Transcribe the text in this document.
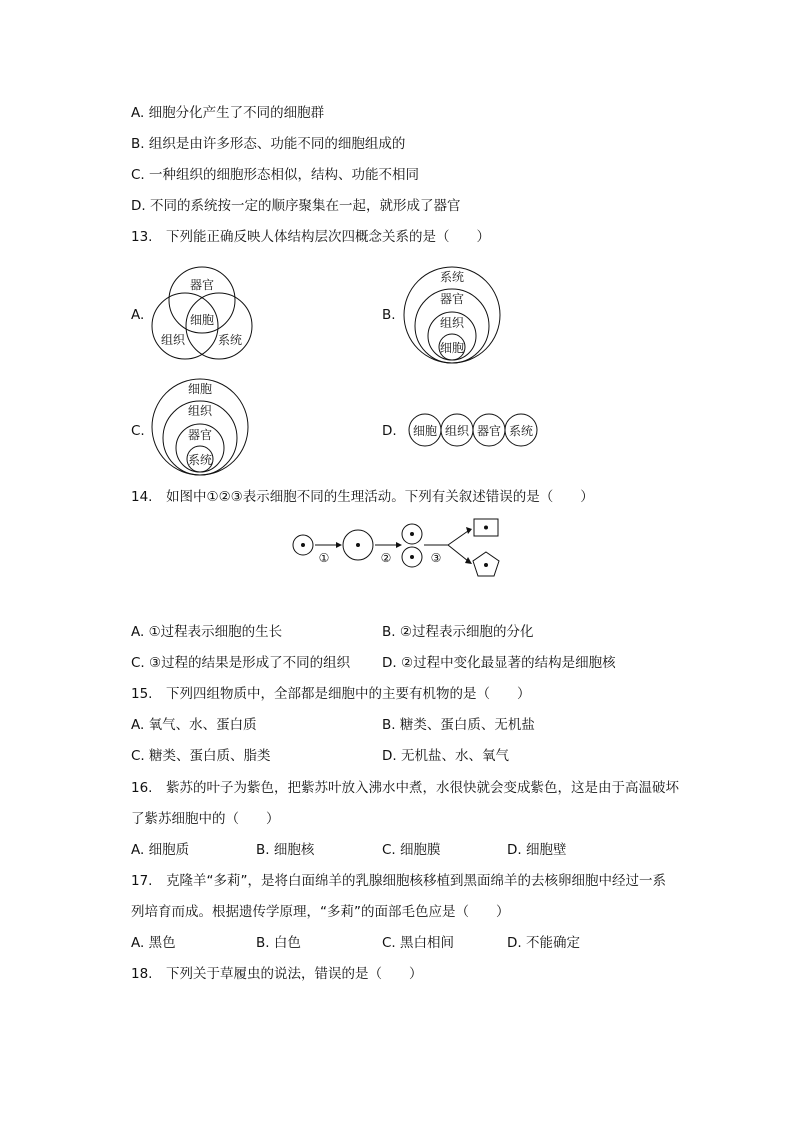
A. 细胞分化产生了不同的细胞群
B. 组织是由许多形态、功能不同的细胞组成的
C. 一种组织的细胞形态相似，结构、功能不相同
D. 不同的系统按一定的顺序聚集在一起，就形成了器官
13.　下列能正确反映人体结构层次四概念关系的是（　　）
A.
器官
细胞
组织	系统
B.
系统
器官
组织
细胞
C.
细胞
组织
器官
系统
D. 细胞 组织 器官 系统
14.　如图中①②③表示细胞不同的生理活动。下列有关叙述错误的是（　　）
①	②	③
A. ①过程表示细胞的生长	B. ②过程表示细胞的分化
C. ③过程的结果是形成了不同的组织 D. ②过程中变化最显著的结构是细胞核
15.　下列四组物质中，全部都是细胞中的主要有机物的是（　　）
A. 氧气、水、蛋白质	B. 糖类、蛋白质、无机盐
C. 糖类、蛋白质、脂类	D. 无机盐、水、氧气
16.　紫苏的叶子为紫色，把紫苏叶放入沸水中煮，水很快就会变成紫色，这是由于高温破坏
了紫苏细胞中的（　　）
A. 细胞质	B. 细胞核	C. 细胞膜	D. 细胞壁
17.　克隆羊“多莉”，是将白面绵羊的乳腺细胞核移植到黑面绵羊的去核卵细胞中经过一系
列培育而成。根据遗传学原理，“多莉”的面部毛色应是（　　）
A. 黑色	B. 白色	C. 黑白相间	D. 不能确定
18.　下列关于草履虫的说法，错误的是（　　）
